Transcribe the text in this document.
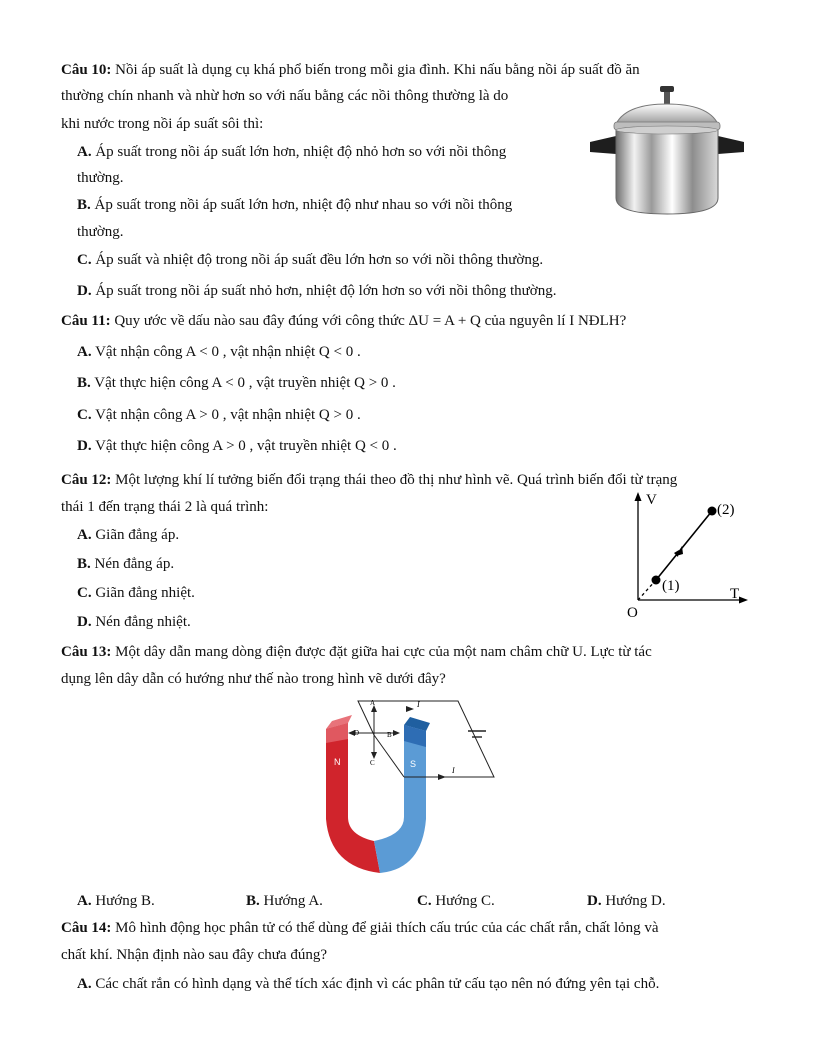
Câu 10: Nồi áp suất là dụng cụ khá phổ biến trong mỗi gia đình. Khi nấu bằng nồi áp suất đồ ăn
thường chín nhanh và nhừ hơn so với nấu bằng các nồi thông thường là do
khi nước trong nồi áp suất sôi thì:
A. Áp suất trong nồi áp suất lớn hơn, nhiệt độ nhỏ hơn so với nồi thông
thường.
B. Áp suất trong nồi áp suất lớn hơn, nhiệt độ như nhau so với nồi thông
thường.
C. Áp suất và nhiệt độ trong nồi áp suất đều lớn hơn so với nồi thông thường.
D. Áp suất trong nồi áp suất nhỏ hơn, nhiệt độ lớn hơn so với nồi thông thường.
Câu 11: Quy ước về dấu nào sau đây đúng với công thức ΔU = A + Q của nguyên lí I NĐLH?
A. Vật nhận công A < 0 , vật nhận nhiệt Q < 0 .
B. Vật thực hiện công A < 0 , vật truyền nhiệt Q > 0 .
C. Vật nhận công A > 0 , vật nhận nhiệt Q > 0 .
D. Vật thực hiện công A > 0 , vật truyền nhiệt Q < 0 .
Câu 12: Một lượng khí lí tưởng biến đổi trạng thái theo đồ thị như hình vẽ. Quá trình biến đổi từ trạng
thái 1 đến trạng thái 2 là quá trình:
A. Giãn đẳng áp.
B. Nén đẳng áp.
C. Giãn đẳng nhiệt.
D. Nén đẳng nhiệt.
V
T
O
(1)
(2)
Câu 13: Một dây dẫn mang dòng điện được đặt giữa hai cực của một nam châm chữ U. Lực từ tác
dụng lên dây dẫn có hướng như thế nào trong hình vẽ dưới đây?
A
B
C
D
I
I
N	S
A. Hướng B.	B. Hướng A.	C. Hướng C.	D. Hướng D.
Câu 14: Mô hình động học phân tử có thể dùng để giải thích cấu trúc của các chất rắn, chất lỏng và
chất khí. Nhận định nào sau đây chưa đúng?
A. Các chất rắn có hình dạng và thể tích xác định vì các phân tử cấu tạo nên nó đứng yên tại chỗ.
